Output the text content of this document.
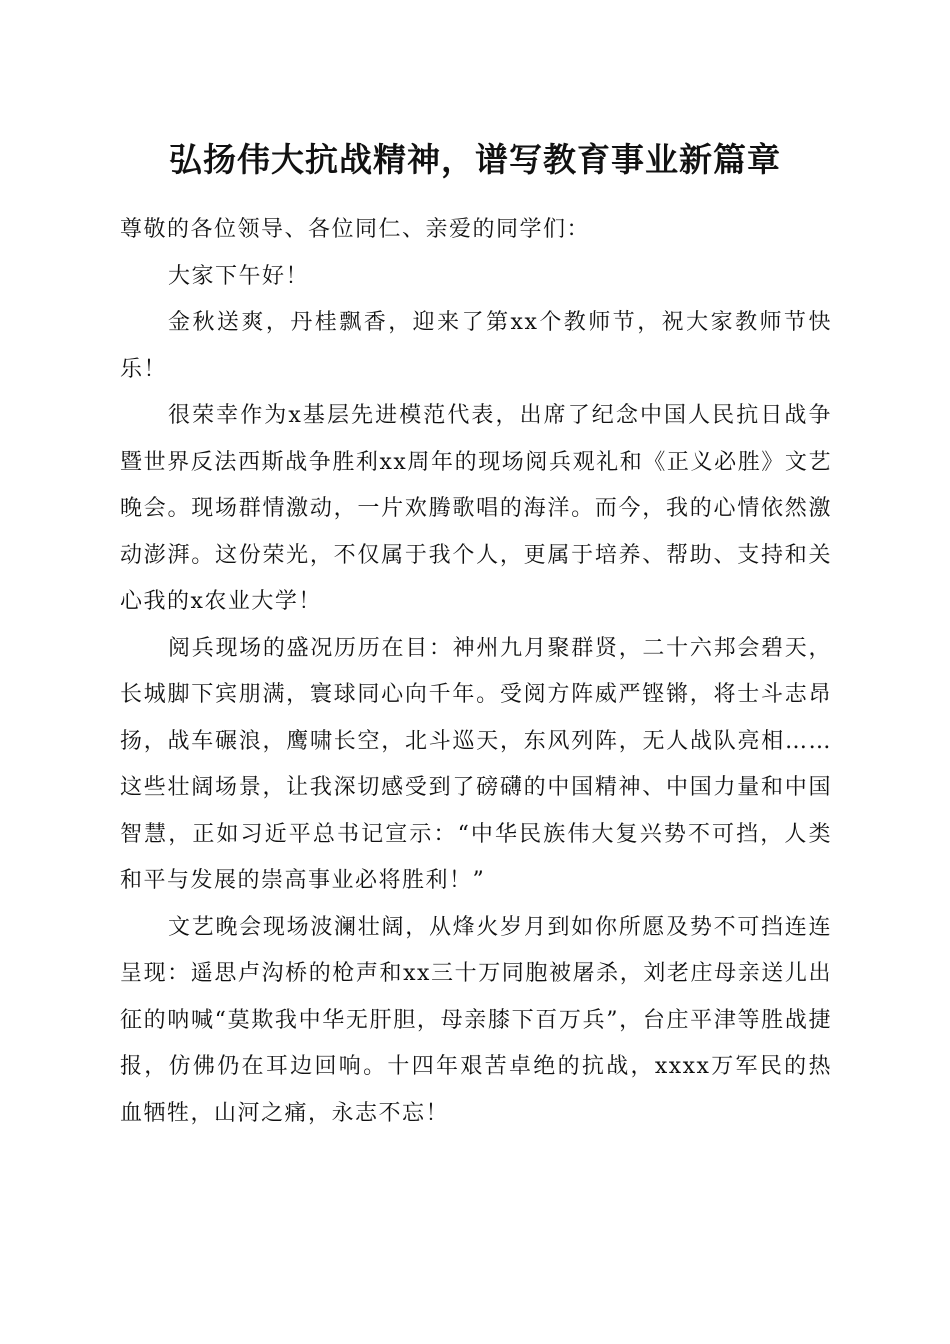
弘扬伟大抗战精神，谱写教育事业新篇章

尊敬的各位领导、各位同仁、亲爱的同学们：

大家下午好！

金秋送爽，丹桂飘香，迎来了第xx个教师节，祝大家教师节快乐！

很荣幸作为x基层先进模范代表，出席了纪念中国人民抗日战争暨世界反法西斯战争胜利xx周年的现场阅兵观礼和《正义必胜》文艺晚会。现场群情激动，一片欢腾歌唱的海洋。而今，我的心情依然激动澎湃。这份荣光，不仅属于我个人，更属于培养、帮助、支持和关心我的x农业大学！

阅兵现场的盛况历历在目：神州九月聚群贤，二十六邦会碧天，长城脚下宾朋满，寰球同心向千年。受阅方阵威严铿锵，将士斗志昂扬，战车碾浪，鹰啸长空，北斗巡天，东风列阵，无人战队亮相……这些壮阔场景，让我深切感受到了磅礴的中国精神、中国力量和中国智慧，正如习近平总书记宣示：“中华民族伟大复兴势不可挡，人类和平与发展的崇高事业必将胜利！”

文艺晚会现场波澜壮阔，从烽火岁月到如你所愿及势不可挡连连呈现：遥思卢沟桥的枪声和xx三十万同胞被屠杀，刘老庄母亲送儿出征的呐喊“莫欺我中华无肝胆，母亲膝下百万兵”，台庄平津等胜战捷报，仿佛仍在耳边回响。十四年艰苦卓绝的抗战，xxxx万军民的热血牺牲，山河之痛，永志不忘！
